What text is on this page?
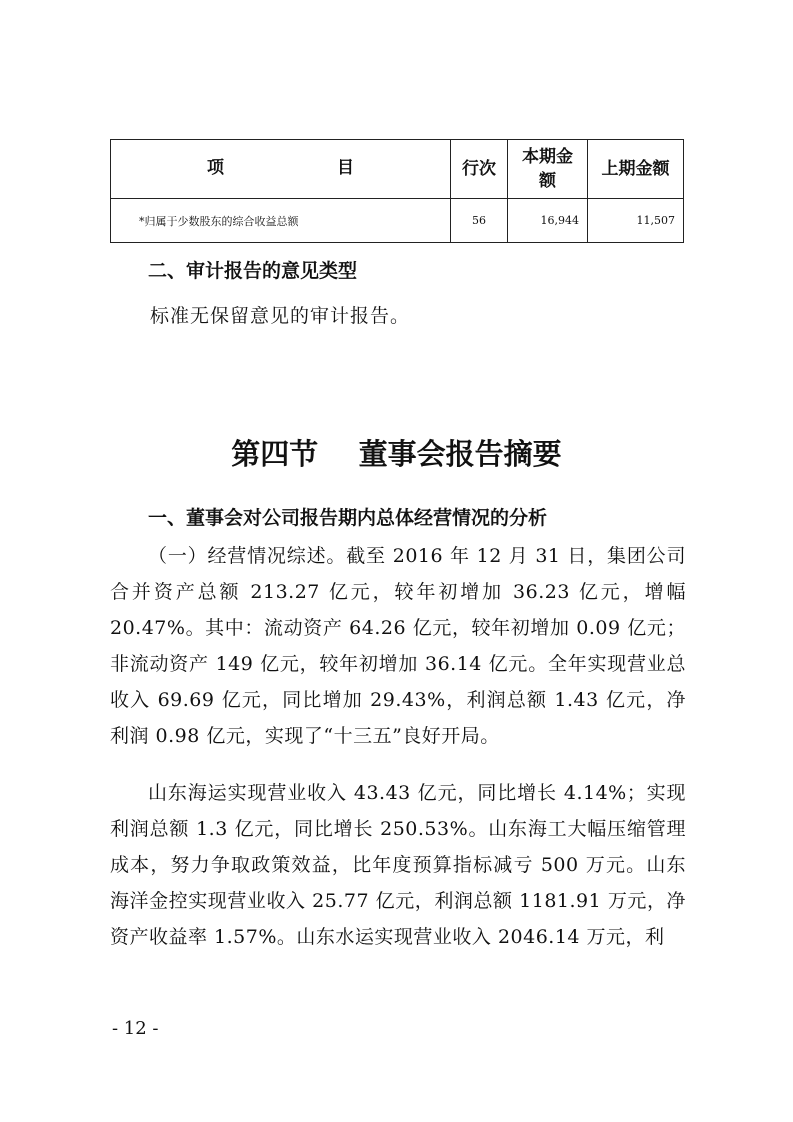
项 目	行次	本期金额	上期金额
*归属于少数股东的综合收益总额	56	16,944	11,507
二、审计报告的意见类型

标准无保留意见的审计报告。

第四节    董事会报告摘要
一、董事会对公司报告期内总体经营情况的分析

（一）经营情况综述。截至 2016 年 12 月 31 日，集团公司合并资产总额 213.27 亿元，较年初增加 36.23 亿元，增幅 20.47%。其中：流动资产 64.26 亿元，较年初增加 0.09 亿元；非流动资产 149 亿元，较年初增加 36.14 亿元。全年实现营业总收入 69.69 亿元，同比增加 29.43%，利润总额 1.43 亿元，净利润 0.98 亿元，实现了“十三五”良好开局。

山东海运实现营业收入 43.43 亿元，同比增长 4.14%；实现利润总额 1.3 亿元，同比增长 250.53%。山东海工大幅压缩管理成本，努力争取政策效益，比年度预算指标减亏 500 万元。山东海洋金控实现营业收入 25.77 亿元，利润总额 1181.91 万元，净资产收益率 1.57%。山东水运实现营业收入 2046.14 万元，利

- 12 -
